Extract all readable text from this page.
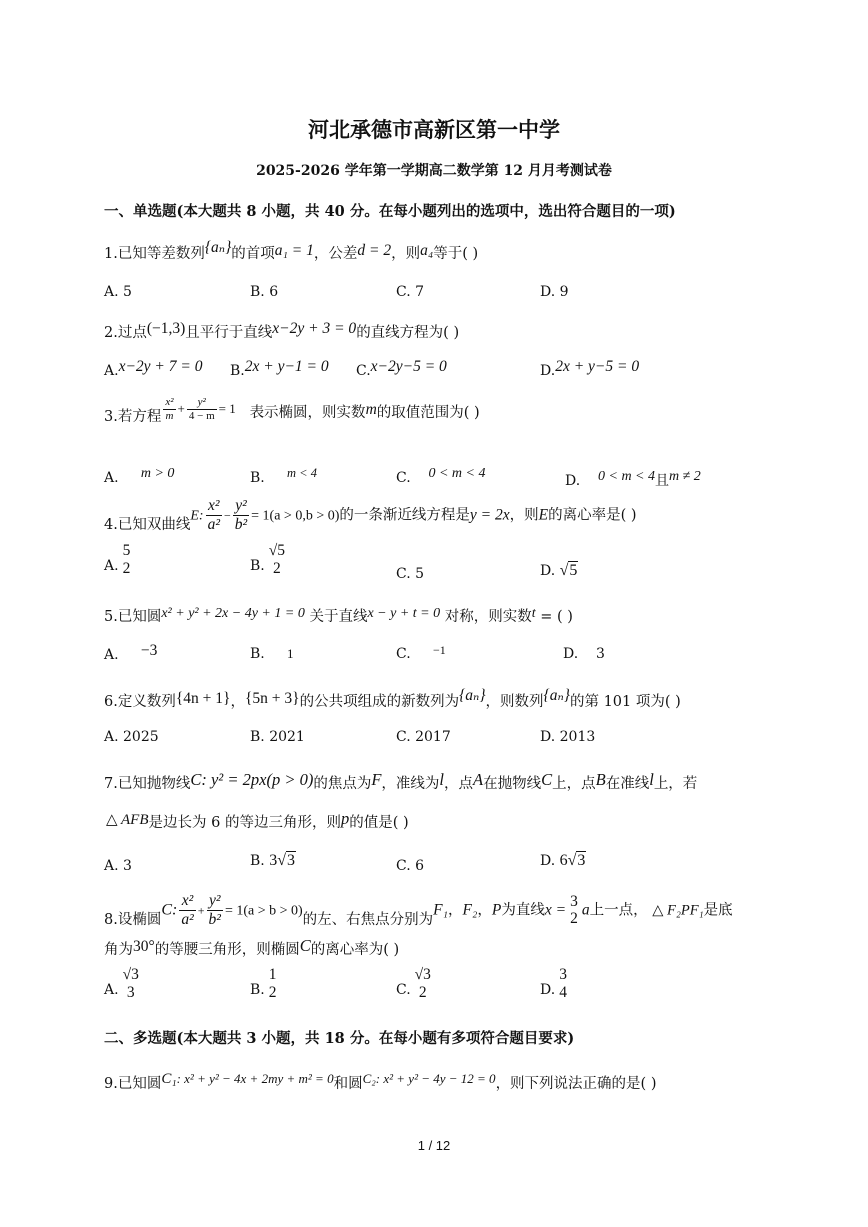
河北承德市高新区第一中学
2025-2026 学年第一学期高二数学第 12 月月考测试卷
一、单选题(本大题共 8 小题，共 40 分。在每小题列出的选项中，选出符合题目的一项)
1.已知等差数列{aₙ}的首项a₁ = 1，公差d = 2，则a₄等于( )
A. 5	B. 6	C. 7	D. 9
2.过点(−1,3)且平行于直线x−2y + 3 = 0的直线方程为( )
A.x−2y + 7 = 0 B.2x + y−1 = 0 C.x−2y−5 = 0	D.2x + y−5 = 0
3.若方程 $\frac{\text{x²}}{m} + \frac{\text{y²}}{4 - m} = 1$ 表示椭圆，则实数m的取值范围为( )
A. m > 0	B. m < 4	C. 0 < m < 4	D. 0 < m < 4且m ≠ 2
4.已知双曲线E: $\frac{\text{x²}}{\text{a²}} - \frac{\text{y²}}{\text{b²}} = 1(a > 0,b > 0)$的一条渐近线方程是y = 2x，则E的离心率是( )
A.
5
2	B.
√5
2	C. 5	D. √5
5.已知圆x² + y² + 2x − 4y + 1 = 0 关于直线x − y + t = 0 对称，则实数t = ( )
A. −3	B. 1	C. −1	D. 3
6.定义数列{4n + 1}，{5n + 3}的公共项组成的新数列为{aₙ}，则数列{aₙ}的第 101 项为( )
A. 2025	B. 2021	C. 2017	D. 2013
7.已知抛物线C: y² = 2px(p > 0)的焦点为F，准线为l，点A在抛物线C上，点B在准线l上，若
△ AFB是边长为 6 的等边三角形，则p的值是( )
A. 3	B. 3√3	C. 6	D. 6√3
8.设椭圆C: $\frac{\text{x²}}{\text{a²}} + \frac{\text{y²}}{\text{b²}} = 1(a > b > 0)$的左、右焦点分别为F₁，F₂，P为直线x =
3
2
a上一点， △ F₂PF₁是底
角为30°的等腰三角形，则椭圆C的离心率为( )
A.
√3
3	B.
1
2	C.
√3
2	D.
3
4
二、多选题(本大题共 3 小题，共 18 分。在每小题有多项符合题目要求)
9.已知圆C₁: x² + y² − 4x + 2my + m² = 0和圆C₂: x² + y² − 4y − 12 = 0，则下列说法正确的是( )
1 / 12
